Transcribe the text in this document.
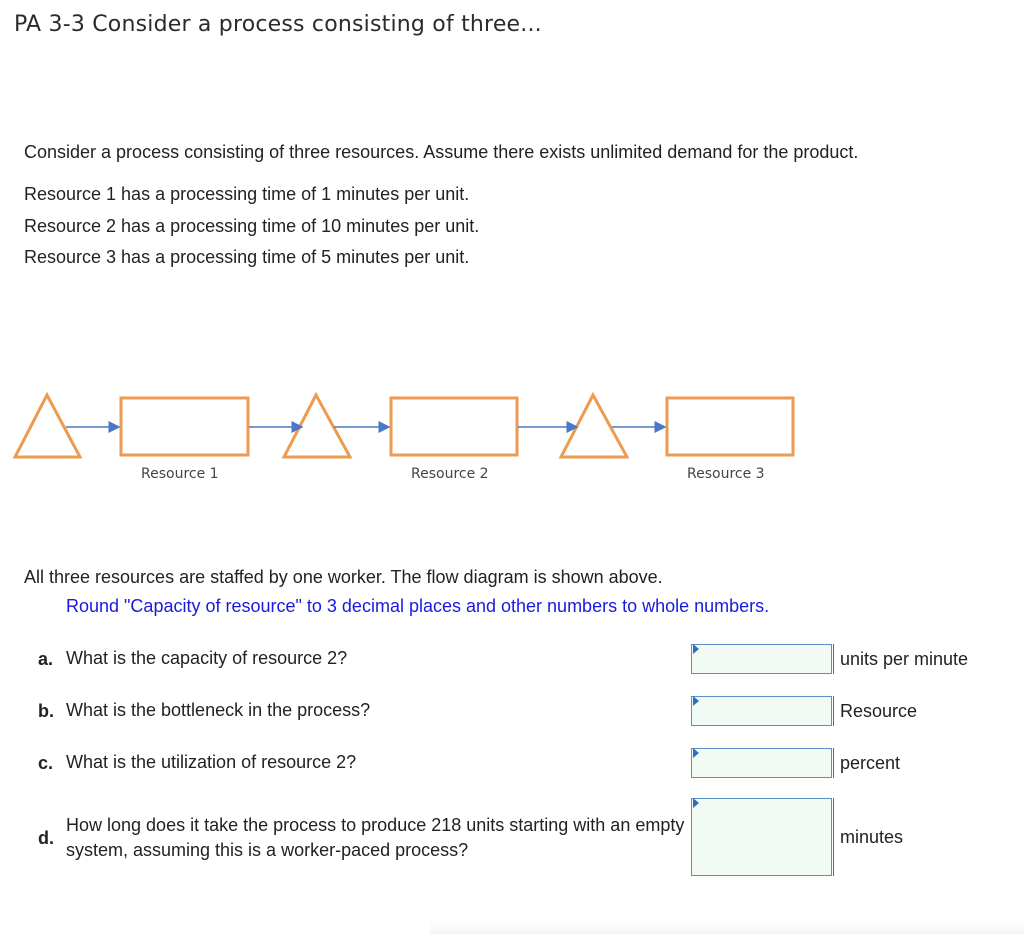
PA 3-3 Consider a process consisting of three...
Consider a process consisting of three resources. Assume there exists unlimited demand for the product.
Resource 1 has a processing time of 1 minutes per unit.
Resource 2 has a processing time of 10 minutes per unit.
Resource 3 has a processing time of 5 minutes per unit.
Resource 1	Resource 2	Resource 3
All three resources are staffed by one worker. The flow diagram is shown above.
Round "Capacity of resource" to 3 decimal places and other numbers to whole numbers.
a. What is the capacity of resource 2?	units per minute
b. What is the bottleneck in the process?	Resource
c. What is the utilization of resource 2?	percent
d.
How long does it take the process to produce 218 units starting with an empty system, assuming this is a worker-paced process?
minutes
